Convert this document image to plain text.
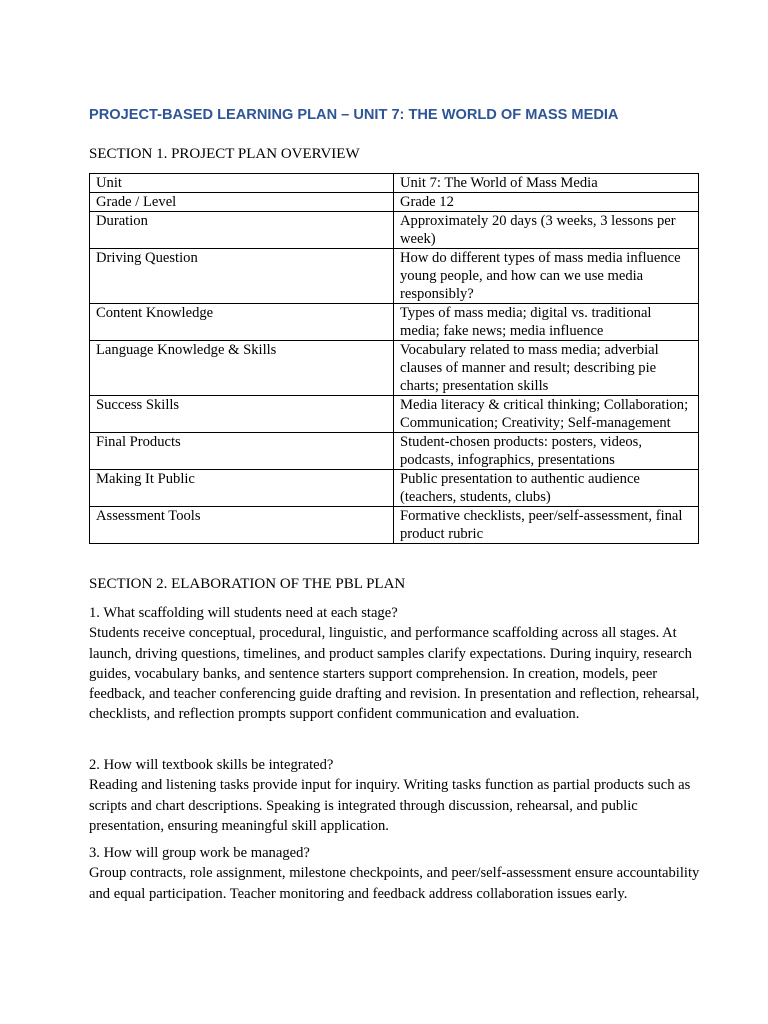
PROJECT-BASED LEARNING PLAN – UNIT 7: THE WORLD OF MASS MEDIA
SECTION 1. PROJECT PLAN OVERVIEW
Unit	Unit 7: The World of Mass Media
Grade / Level	Grade 12
Duration	Approximately 20 days (3 weeks, 3 lessons per week)
Driving Question	How do different types of mass media influence young people, and how can we use media responsibly?
Content Knowledge	Types of mass media; digital vs. traditional media; fake news; media influence
Language Knowledge & Skills	Vocabulary related to mass media; adverbial clauses of manner and result; describing pie charts; presentation skills
Success Skills	Media literacy & critical thinking; Collaboration; Communication; Creativity; Self-management
Final Products	Student-chosen products: posters, videos, podcasts, infographics, presentations
Making It Public	Public presentation to authentic audience (teachers, students, clubs)
Assessment Tools	Formative checklists, peer/self-assessment, final product rubric
SECTION 2. ELABORATION OF THE PBL PLAN

1. What scaffolding will students need at each stage?

Students receive conceptual, procedural, linguistic, and performance scaffolding across all stages. At launch, driving questions, timelines, and product samples clarify expectations. During inquiry, research guides, vocabulary banks, and sentence starters support comprehension. In creation, models, peer feedback, and teacher conferencing guide drafting and revision. In presentation and reflection, rehearsal, checklists, and reflection prompts support confident communication and evaluation.

2. How will textbook skills be integrated?

Reading and listening tasks provide input for inquiry. Writing tasks function as partial products such as scripts and chart descriptions. Speaking is integrated through discussion, rehearsal, and public presentation, ensuring meaningful skill application.

3. How will group work be managed?

Group contracts, role assignment, milestone checkpoints, and peer/self-assessment ensure accountability and equal participation. Teacher monitoring and feedback address collaboration issues early.
